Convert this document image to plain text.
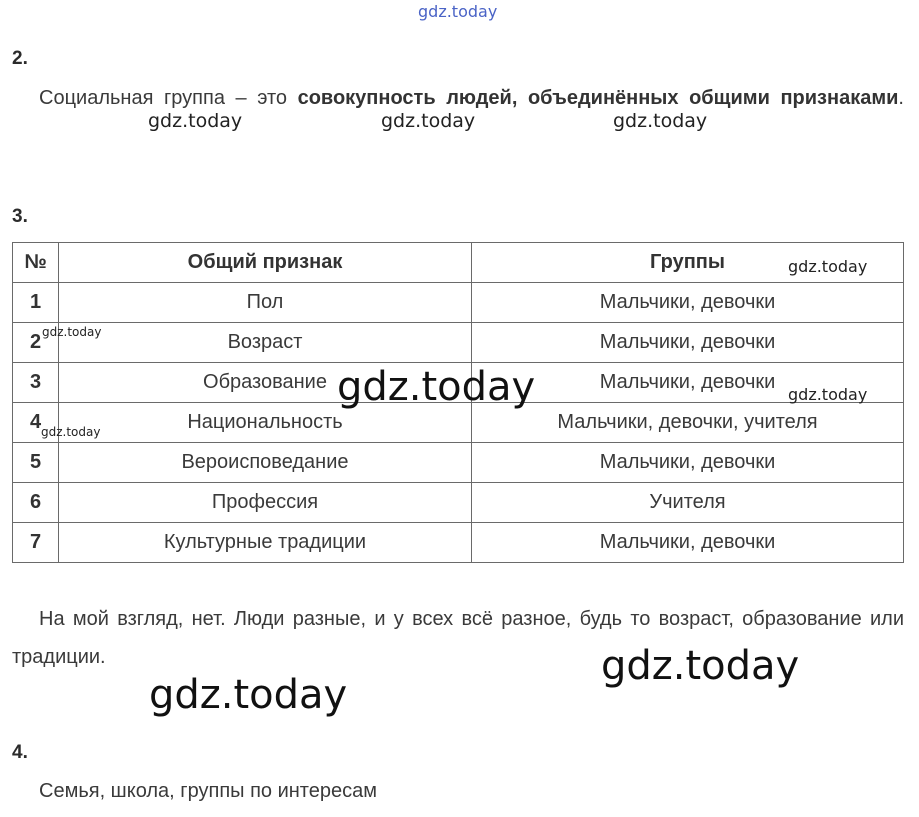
gdz.today
2.
Социальная группа – это совокупность людей, объединённых общими признаками.
3.
№	Общий признак	Группы
1	Пол	Мальчики, девочки
2	Возраст	Мальчики, девочки
3	Образование	Мальчики, девочки
4	Национальность	Мальчики, девочки, учителя
5	Вероисповедание	Мальчики, девочки
6	Профессия	Учителя
7	Культурные традиции	Мальчики, девочки
На мой взгляд, нет. Люди разные, и у всех всё разное, будь то возраст, образование или традиции.
4.
Семья, школа, группы по интересам
gdz.today	gdz.today	gdz.today
gdz.today
gdz.today
gdz.today	gdz.today
gdz.today
gdz.today
gdz.today
